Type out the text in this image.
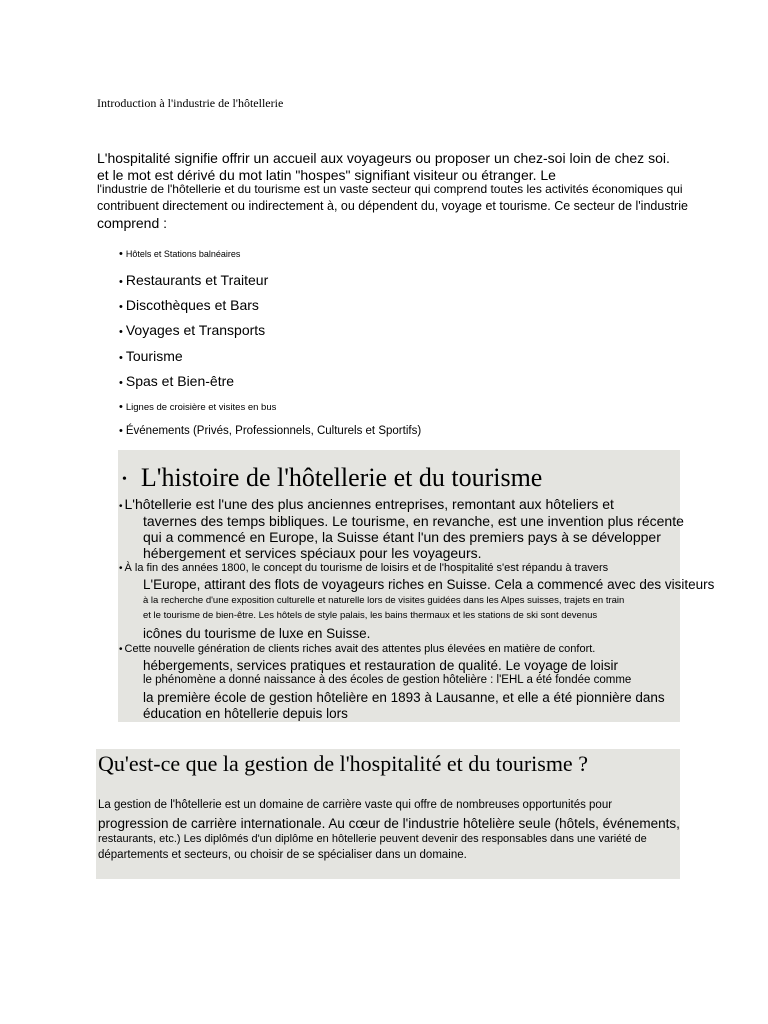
Introduction à l'industrie de l'hôtellerie

L'hospitalité signifie offrir un accueil aux voyageurs ou proposer un chez-soi loin de chez soi.

et le mot est dérivé du mot latin "hospes" signifiant visiteur ou étranger. Le

l'industrie de l'hôtellerie et du tourisme est un vaste secteur qui comprend toutes les activités économiques qui

contribuent directement ou indirectement à, ou dépendent du, voyage et tourisme. Ce secteur de l'industrie

comprend :

• Hôtels et Stations balnéaires
• Restaurants et Traiteur
• Discothèques et Bars
• Voyages et Transports
• Tourisme
• Spas et Bien-être
• Lignes de croisière et visites en bus
• Événements (Privés, Professionnels, Culturels et Sportifs)

• L'histoire de l'hôtellerie et du tourisme

• L'hôtellerie est l'une des plus anciennes entreprises, remontant aux hôteliers et
tavernes des temps bibliques. Le tourisme, en revanche, est une invention plus récente
qui a commencé en Europe, la Suisse étant l'un des premiers pays à se développer
hébergement et services spéciaux pour les voyageurs.
• À la fin des années 1800, le concept du tourisme de loisirs et de l'hospitalité s'est répandu à travers
L'Europe, attirant des flots de voyageurs riches en Suisse. Cela a commencé avec des visiteurs
à la recherche d'une exposition culturelle et naturelle lors de visites guidées dans les Alpes suisses, trajets en train
et le tourisme de bien-être. Les hôtels de style palais, les bains thermaux et les stations de ski sont devenus
icônes du tourisme de luxe en Suisse.
• Cette nouvelle génération de clients riches avait des attentes plus élevées en matière de confort.
hébergements, services pratiques et restauration de qualité. Le voyage de loisir
le phénomène a donné naissance à des écoles de gestion hôtelière : l'EHL a été fondée comme
la première école de gestion hôtelière en 1893 à Lausanne, et elle a été pionnière dans
éducation en hôtellerie depuis lors

Qu'est-ce que la gestion de l'hospitalité et du tourisme ?

La gestion de l'hôtellerie est un domaine de carrière vaste qui offre de nombreuses opportunités pour
progression de carrière internationale. Au cœur de l'industrie hôtelière seule (hôtels, événements,
restaurants, etc.) Les diplômés d'un diplôme en hôtellerie peuvent devenir des responsables dans une variété de
départements et secteurs, ou choisir de se spécialiser dans un domaine.
